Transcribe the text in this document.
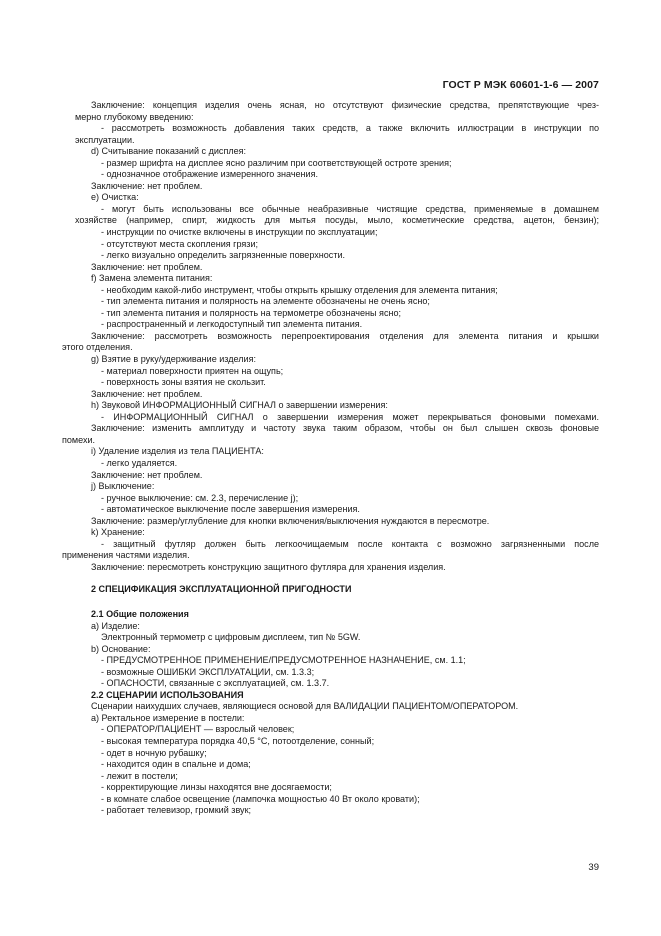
ГОСТ Р МЭК 60601-1-6 — 2007
Заключение: концепция изделия очень ясная, но отсутствуют физические средства, препятствующие чрез-
мерно глубокому введению:
- рассмотреть возможность добавления таких средств, а также включить иллюстрации в инструкции по
эксплуатации.
d) Считывание показаний с дисплея:
- размер шрифта на дисплее ясно различим при соответствующей остроте зрения;
- однозначное отображение измеренного значения.
Заключение: нет проблем.
e) Очистка:
- могут быть использованы все обычные неабразивные чистящие средства, применяемые в домашнем
хозяйстве (например, спирт, жидкость для мытья посуды, мыло, косметические средства, ацетон, бензин);
- инструкции по очистке включены в инструкции по эксплуатации;
- отсутствуют места скопления грязи;
- легко визуально определить загрязненные поверхности.
Заключение: нет проблем.
f) Замена элемента питания:
- необходим какой-либо инструмент, чтобы открыть крышку отделения для элемента питания;
- тип элемента питания и полярность на элементе обозначены не очень ясно;
- тип элемента питания и полярность на термометре обозначены ясно;
- распространенный и легкодоступный тип элемента питания.
Заключение: рассмотреть возможность перепроектирования отделения для элемента питания и крышки
этого отделения.
g) Взятие в руку/удерживание изделия:
- материал поверхности приятен на ощупь;
- поверхность зоны взятия не скользит.
Заключение: нет проблем.
h) Звуковой ИНФОРМАЦИОННЫЙ СИГНАЛ о завершении измерения:
- ИНФОРМАЦИОННЫЙ СИГНАЛ о завершении измерения может перекрываться фоновыми помехами.
Заключение: изменить амплитуду и частоту звука таким образом, чтобы он был слышен сквозь фоновые
помехи.
i) Удаление изделия из тела ПАЦИЕНТА:
- легко удаляется.
Заключение: нет проблем.
j) Выключение:
- ручное выключение: см. 2.3, перечисление j);
- автоматическое выключение после завершения измерения.
Заключение: размер/углубление для кнопки включения/выключения нуждаются в пересмотре.
k) Хранение:
- защитный футляр должен быть легкоочищаемым после контакта с возможно загрязненными после
применения частями изделия.
Заключение: пересмотреть конструкцию защитного футляра для хранения изделия.
2 СПЕЦИФИКАЦИЯ ЭКСПЛУАТАЦИОННОЙ ПРИГОДНОСТИ
2.1 Общие положения
a) Изделие:
Электронный термометр с цифровым дисплеем, тип № 5GW.
b) Основание:
- ПРЕДУСМОТРЕННОЕ ПРИМЕНЕНИЕ/ПРЕДУСМОТРЕННОЕ НАЗНАЧЕНИЕ, см. 1.1;
- возможные ОШИБКИ ЭКСПЛУАТАЦИИ, см. 1.3.3;
- ОПАСНОСТИ, связанные с эксплуатацией, см. 1.3.7.
2.2 СЦЕНАРИИ ИСПОЛЬЗОВАНИЯ
Сценарии наихудших случаев, являющиеся основой для ВАЛИДАЦИИ ПАЦИЕНТОМ/ОПЕРАТОРОМ.
a) Ректальное измерение в постели:
- ОПЕРАТОР/ПАЦИЕНТ — взрослый человек;
- высокая температура порядка 40,5 °С, потоотделение, сонный;
- одет в ночную рубашку;
- находится один в спальне и дома;
- лежит в постели;
- корректирующие линзы находятся вне досягаемости;
- в комнате слабое освещение (лампочка мощностью 40 Вт около кровати);
- работает телевизор, громкий звук;
39
